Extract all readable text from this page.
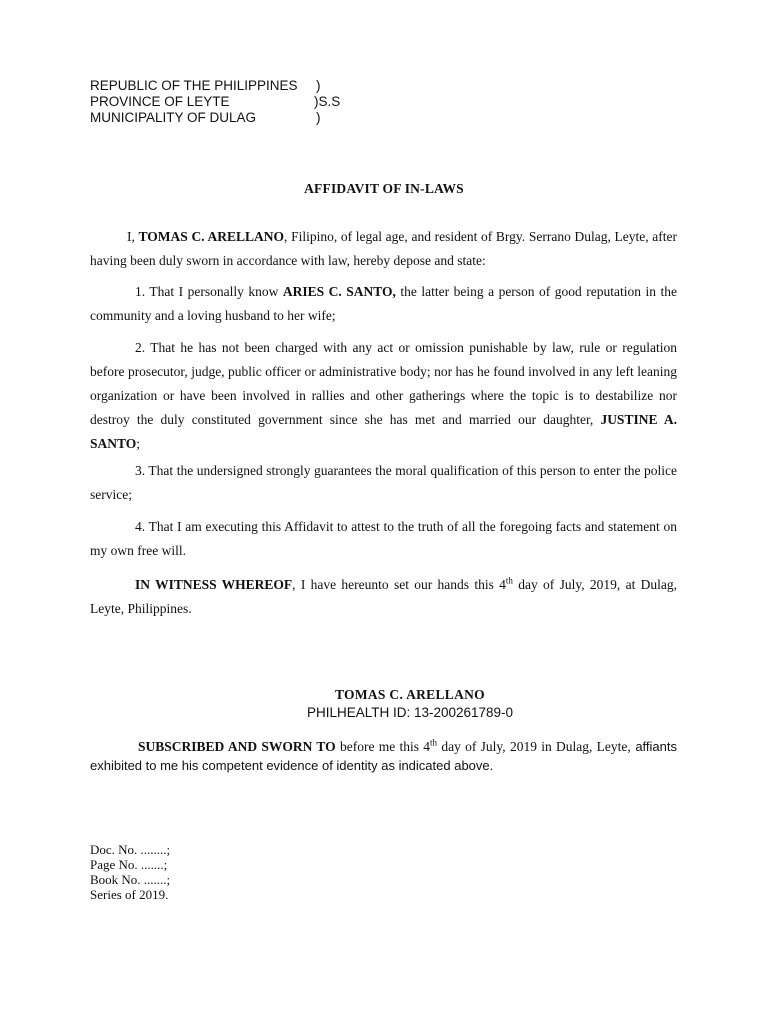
REPUBLIC OF THE PHILIPPINES )
PROVINCE OF LEYTE	)S.S
MUNICIPALITY OF DULAG	)
AFFIDAVIT OF IN-LAWS
I, TOMAS C. ARELLANO, Filipino, of legal age, and resident of Brgy. Serrano Dulag, Leyte, after having been duly sworn in accordance with law, hereby depose and state:
1. That I personally know ARIES C. SANTO, the latter being a person of good reputation in the community and a loving husband to her wife;
2. That he has not been charged with any act or omission punishable by law, rule or regulation before prosecutor, judge, public officer or administrative body; nor has he found involved in any left leaning organization or have been involved in rallies and other gatherings where the topic is to destabilize nor destroy the duly constituted government since she has met and married our daughter, JUSTINE A. SANTO;
3. That the undersigned strongly guarantees the moral qualification of this person to enter the police service;
4. That I am executing this Affidavit to attest to the truth of all the foregoing facts and statement on my own free will.
IN WITNESS WHEREOF, I have hereunto set our hands this 4th day of July, 2019, at Dulag, Leyte, Philippines.
TOMAS C. ARELLANO
PHILHEALTH ID: 13-200261789-0
SUBSCRIBED AND SWORN TO before me this 4th day of July, 2019 in Dulag, Leyte, affiants exhibited to me his competent evidence of identity as indicated above.
Doc. No. ........;
Page No. .......;
Book No. .......;
Series of 2019.
